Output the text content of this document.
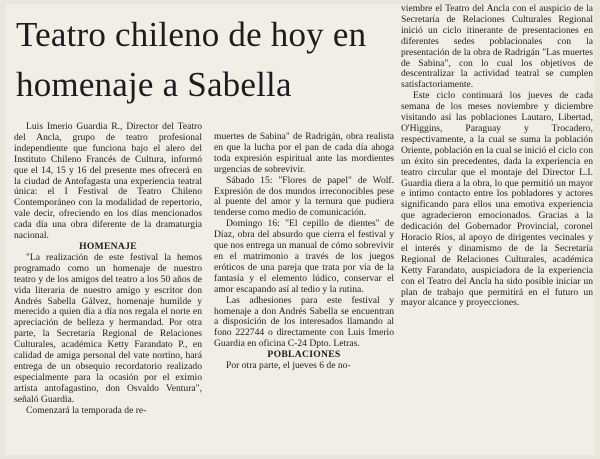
Teatro chileno de hoy en homenaje a Sabella

Luis Imerio Guardia R., Director del Teatro del Ancla, grupo de teatro profesional independiente que funciona bajo el alero del Instituto Chileno Francés de Cultura, informó que el 14, 15 y 16 del presente mes ofrecerá en la ciudad de Antofagasta una experiencia teatral única: el I Festival de Teatro Chileno Contemporáneo con la modalidad de repertorio, vale decir, ofreciendo en los días mencionados cada día una obra diferente de la dramaturgia nacional.

HOMENAJE

"La realización de este festival la hemos programado como un homenaje de nuestro teatro y de los amigos del teatro a los 50 años de vida literaria de nuestro amigo y escritor don Andrés Sabella Gálvez, homenaje humilde y merecido a quien día a día nos regala el norte en apreciación de belleza y hermandad. Por otra parte, la Secretaría Regional de Relaciones Culturales, académica Ketty Farandato P., en calidad de amiga personal del vate nortino, hará entrega de un obsequio recordatorio realizado especialmente para la ocasión por el eximio artista antofagastino, don Osvaldo Ventura", señaló Guardia.

Comenzará la temporada de re-

muertes de Sabina" de Radrigán, obra realista en que la lucha por el pan de cada día ahoga toda expresión espiritual ante las mordientes urgencias de sobrevivir.

Sábado 15: "Flores de papel" de Wolf. Expresión de dos mundos irreconocibles pese al puente del amor y la ternura que pudiera tenderse como medio de comunicación.

Domingo 16: "El cepillo de dientes" de Díaz, obra del absurdo que cierra el festival y que nos entrega un manual de cómo sobrevivir en el matrimonio a través de los juegos eróticos de una pareja que trata por vía de la fantasía y el elemento lúdico, conservar el amor escapando así al tedio y la rutina.

Las adhesiones para este festival y homenaje a don Andrés Sabella se encuentran a disposición de los interesados llamando al fono 222744 o directamente con Luis Imerio Guardia en oficina C-24 Dpto. Letras.

POBLACIONES

Por otra parte, el jueves 6 de no-

viembre el Teatro del Ancla con el auspicio de la Secretaría de Relaciones Culturales Regional inició un ciclo itinerante de presentaciones en diferentes sedes poblacionales con la presentación de la obra de Radrigán "Las muertes de Sabina", con lo cual los objetivos de descentralizar la actividad teatral se cumplen satisfactoriamente.

Este ciclo continuará los jueves de cada semana de los meses noviembre y diciembre visitando así las poblaciones Lautaro, Libertad, O'Higgins, Paraguay y Trocadero, respectivamente, a la cual se suma la población Oriente, población en la cual se inició el ciclo con un éxito sin precedentes, dada la experiencia en teatro circular que el montaje del Director L.I. Guardia diera a la obra, lo que permitió un mayor e íntimo contacto entre los pobladores y actores significando para ellos una emotiva experiencia que agradecieron emocionados. Gracias a la dedicación del Gobernador Provincial, coronel Horacio Ríos, al apoyo de dirigentes vecinales y el interés y dinamismo de de la Secretaría Regional de Relaciones Culturales, académica Ketty Farandato, auspiciadora de la experiencia con el Teatro del Ancla ha sido posible iniciar un plan de trabajo que permitirá en el futuro un mayor alcance y proyecciones.
